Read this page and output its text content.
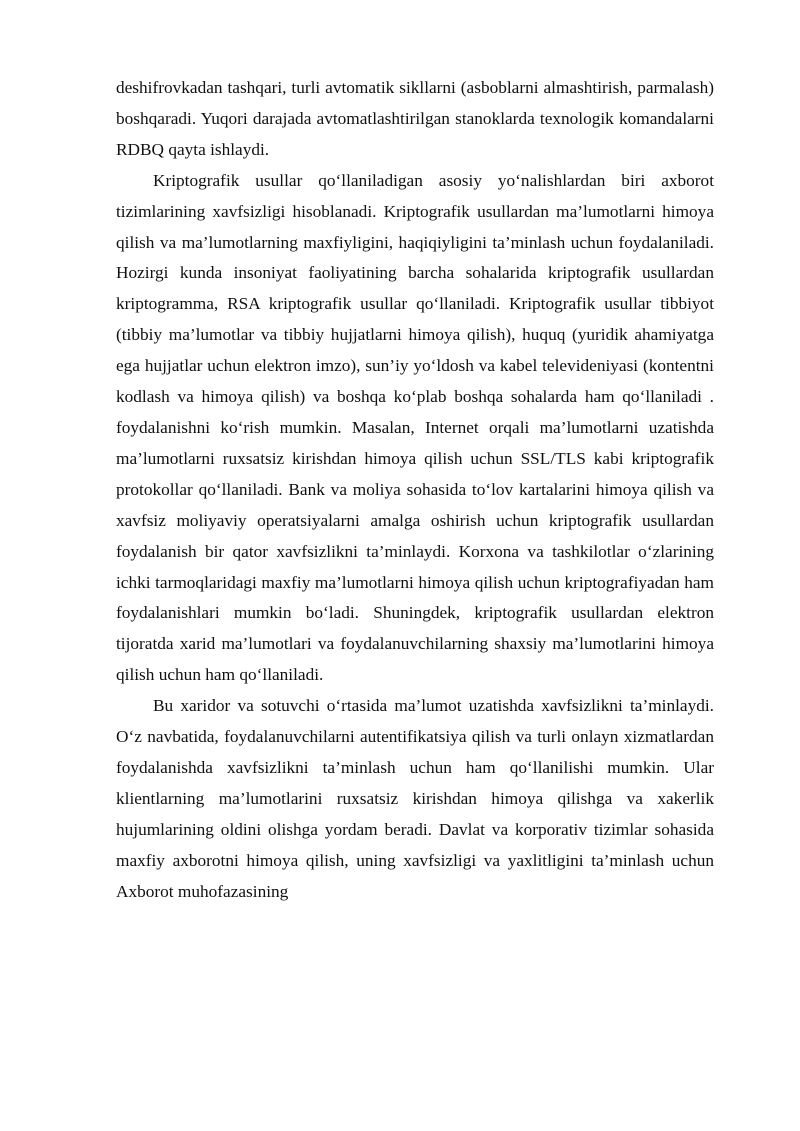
deshifrovkadan tashqari, turli avtomatik sikllarni (asboblarni almashtirish, parmalash) boshqaradi. Yuqori darajada avtomatlashtirilgan stanoklarda texnologik komandalarni RDBQ qayta ishlaydi.

Kriptografik usullar qo‘llaniladigan asosiy yo‘nalishlardan biri axborot tizimlarining xavfsizligi hisoblanadi. Kriptografik usullardan ma’lumotlarni himoya qilish va ma’lumotlarning maxfiyligini, haqiqiyligini ta’minlash uchun foydalaniladi. Hozirgi kunda insoniyat faoliyatining barcha sohalarida kriptografik usullardan kriptogramma, RSA kriptografik usullar qo‘llaniladi. Kriptografik usullar tibbiyot (tibbiy ma’lumotlar va tibbiy hujjatlarni himoya qilish), huquq (yuridik ahamiyatga ega hujjatlar uchun elektron imzo), sun’iy yo‘ldosh va kabel televideniyasi (kontentni kodlash va himoya qilish) va boshqa ko‘plab boshqa sohalarda ham qo‘llaniladi . foydalanishni ko‘rish mumkin. Masalan, Internet orqali ma’lumotlarni uzatishda ma’lumotlarni ruxsatsiz kirishdan himoya qilish uchun SSL/TLS kabi kriptografik protokollar qo‘llaniladi. Bank va moliya sohasida to‘lov kartalarini himoya qilish va xavfsiz moliyaviy operatsiyalarni amalga oshirish uchun kriptografik usullardan foydalanish bir qator xavfsizlikni ta’minlaydi. Korxona va tashkilotlar o‘zlarining ichki tarmoqlaridagi maxfiy ma’lumotlarni himoya qilish uchun kriptografiyadan ham foydalanishlari mumkin bo‘ladi. Shuningdek, kriptografik usullardan elektron tijoratda xarid ma’lumotlari va foydalanuvchilarning shaxsiy ma’lumotlarini himoya qilish uchun ham qo‘llaniladi.

Bu xaridor va sotuvchi o‘rtasida ma’lumot uzatishda xavfsizlikni ta’minlaydi. O‘z navbatida, foydalanuvchilarni autentifikatsiya qilish va turli onlayn xizmatlardan foydalanishda xavfsizlikni ta’minlash uchun ham qo‘llanilishi mumkin. Ular klientlarning ma’lumotlarini ruxsatsiz kirishdan himoya qilishga va xakerlik hujumlarining oldini olishga yordam beradi. Davlat va korporativ tizimlar sohasida maxfiy axborotni himoya qilish, uning xavfsizligi va yaxlitligini ta’minlash uchun Axborot muhofazasining
